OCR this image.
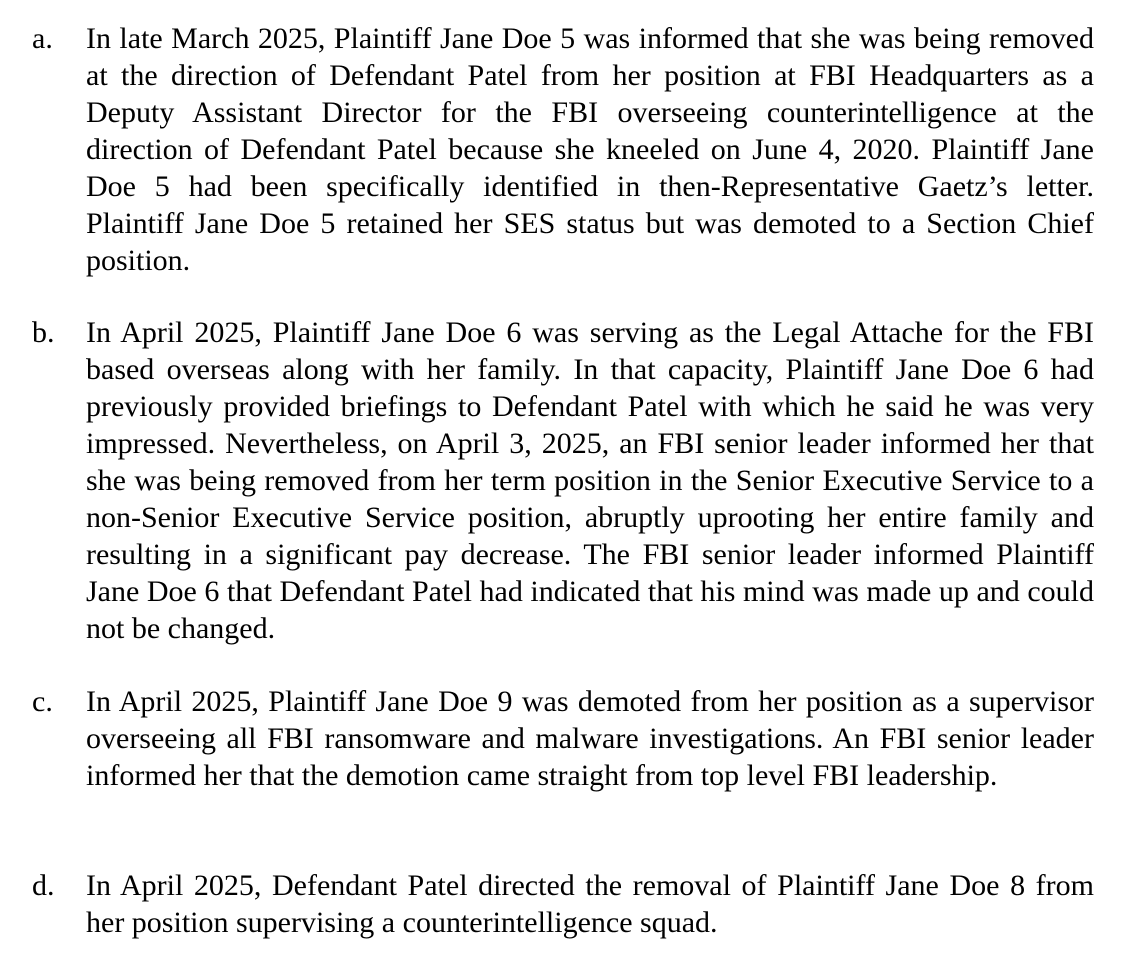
a.	In late March 2025, Plaintiff Jane Doe 5 was informed that she was being removed at the direction of Defendant Patel from her position at FBI Headquarters as a Deputy Assistant Director for the FBI overseeing counterintelligence at the direction of Defendant Patel because she kneeled on June 4, 2020. Plaintiff Jane Doe 5 had been specifically identified in then-Representative Gaetz’s letter. Plaintiff Jane Doe 5 retained her SES status but was demoted to a Section Chief position.
b.	In April 2025, Plaintiff Jane Doe 6 was serving as the Legal Attache for the FBI based overseas along with her family. In that capacity, Plaintiff Jane Doe 6 had previously provided briefings to Defendant Patel with which he said he was very impressed. Nevertheless, on April 3, 2025, an FBI senior leader informed her that she was being removed from her term position in the Senior Executive Service to a non-Senior Executive Service position, abruptly uprooting her entire family and resulting in a significant pay decrease. The FBI senior leader informed Plaintiff Jane Doe 6 that Defendant Patel had indicated that his mind was made up and could not be changed.
c.	In April 2025, Plaintiff Jane Doe 9 was demoted from her position as a supervisor overseeing all FBI ransomware and malware investigations. An FBI senior leader informed her that the demotion came straight from top level FBI leadership.
d.	In April 2025, Defendant Patel directed the removal of Plaintiff Jane Doe 8 from her position supervising a counterintelligence squad.
